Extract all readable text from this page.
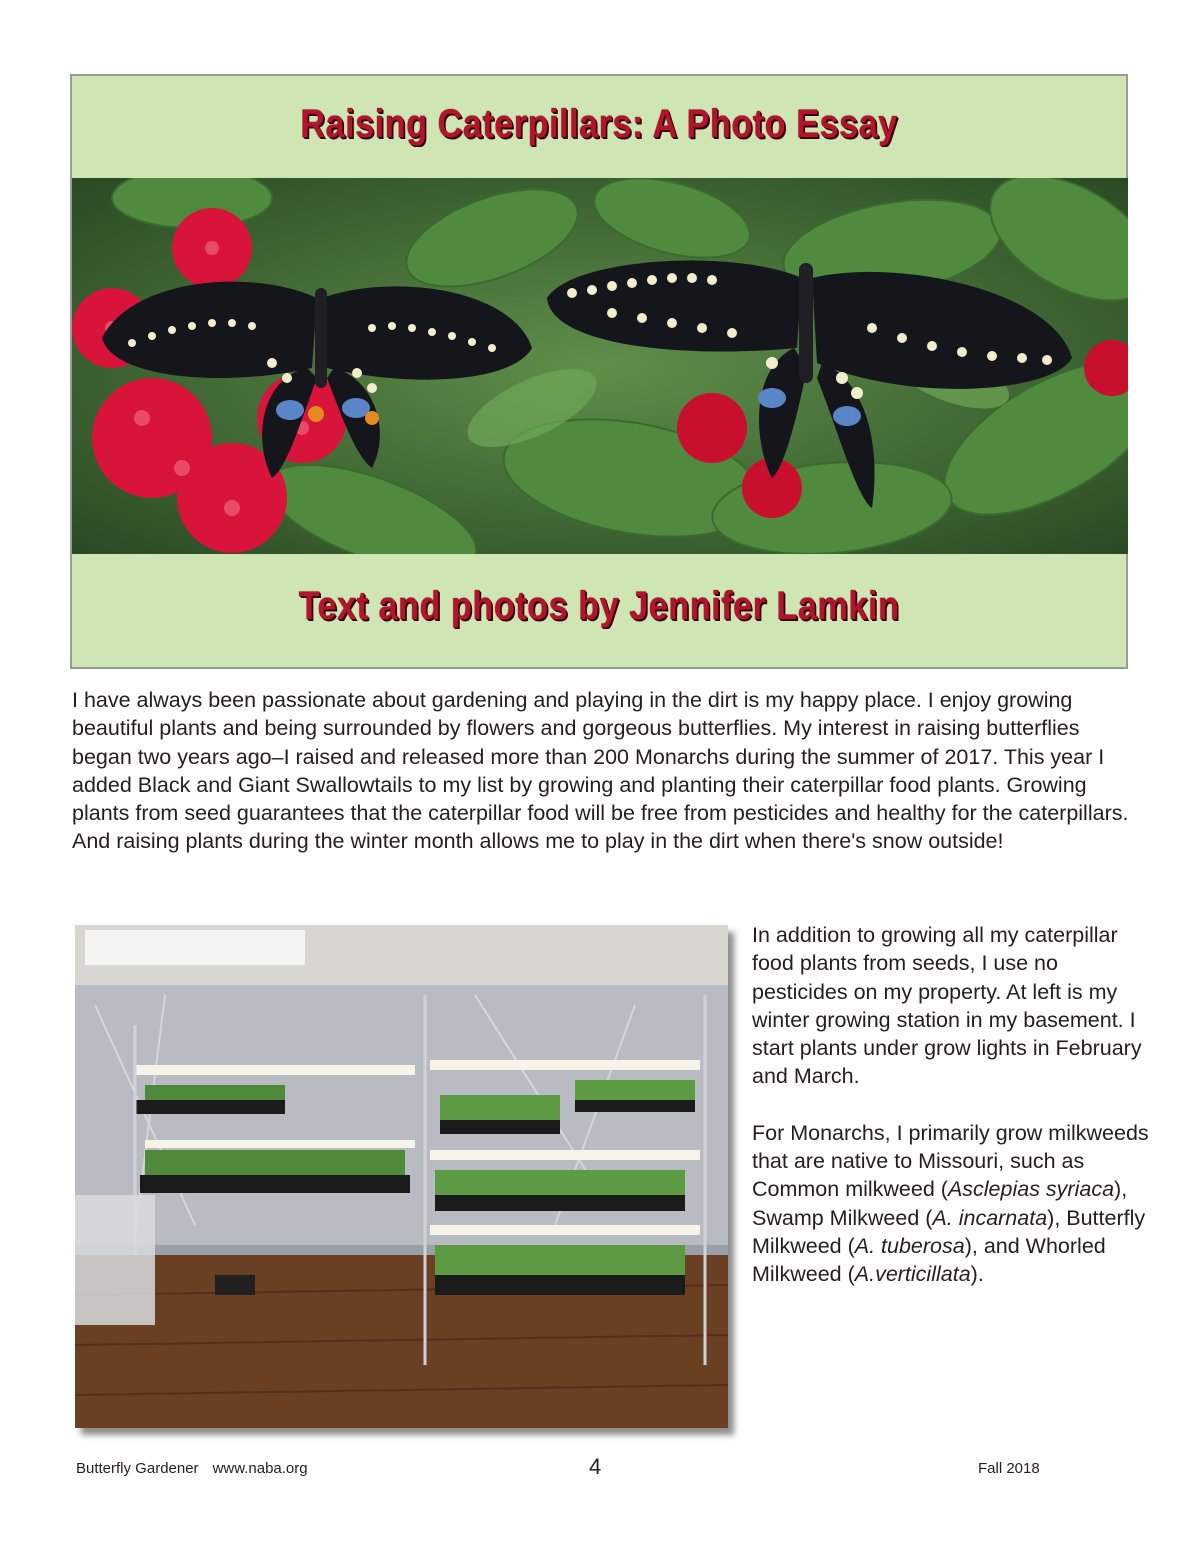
Raising Caterpillars: A Photo Essay
Text and photos by Jennifer Lamkin

I have always been passionate about gardening and playing in the dirt is my happy place. I enjoy growing beautiful plants and being surrounded by flowers and gorgeous butterflies. My interest in raising butterflies began two years ago–I raised and released more than 200 Monarchs during the summer of 2017. This year I added Black and Giant Swallowtails to my list by growing and planting their caterpillar food plants. Growing plants from seed guarantees that the caterpillar food will be free from pesticides and healthy for the caterpillars. And raising plants during the winter month allows me to play in the dirt when there's snow outside!

In addition to growing all my caterpillar food plants from seeds, I use no pesticides on my property. At left is my winter growing station in my basement. I start plants under grow lights in February and March.

For Monarchs, I primarily grow milkweeds that are native to Missouri, such as Common milkweed (Asclepias syriaca), Swamp Milkweed (A. incarnata), Butterfly Milkweed (A. tuberosa), and Whorled Milkweed (A.verticillata).

Butterfly Gardener www.naba.org	4	Fall 2018
